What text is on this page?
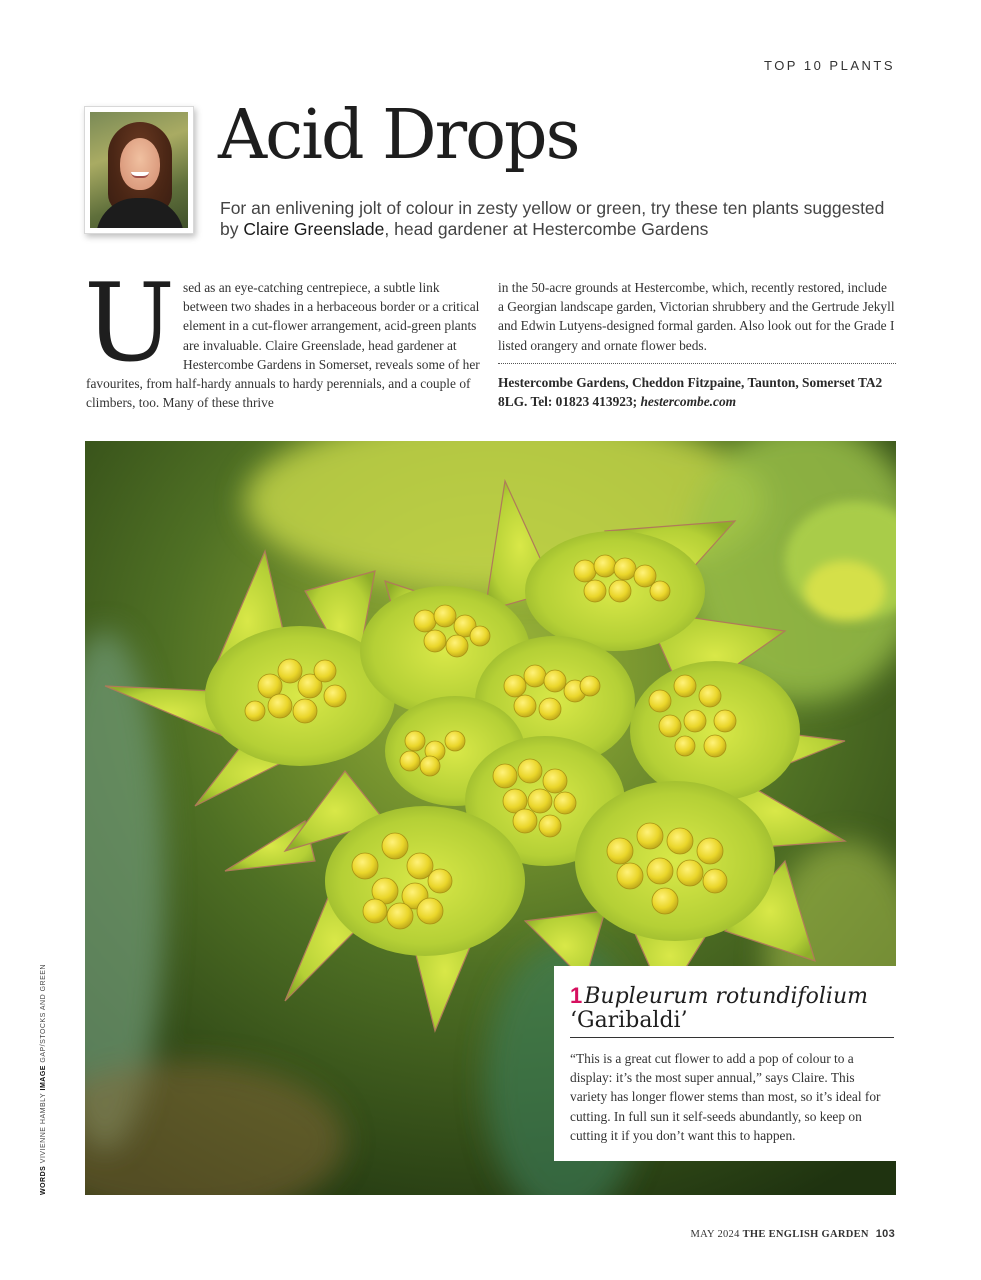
TOP 10 PLANTS
Acid Drops

For an enlivening jolt of colour in zesty yellow or green, try these ten plants suggested by Claire Greenslade, head gardener at Hestercombe Gardens

Used as an eye-catching centrepiece, a subtle link between two shades in a herbaceous border or a critical element in a cut-flower arrangement, acid-green plants are invaluable. Claire Greenslade, head gardener at Hestercombe Gardens in Somerset, reveals some of her favourites, from half-hardy annuals to hardy perennials, and a couple of climbers, too. Many of these thrive

in the 50-acre grounds at Hestercombe, which, recently restored, include a Georgian landscape garden, Victorian shrubbery and the Gertrude Jekyll and Edwin Lutyens-designed formal garden. Also look out for the Grade I listed orangery and ornate flower beds.

Hestercombe Gardens, Cheddon Fitzpaine, Taunton, Somerset TA2 8LG. Tel: 01823 413923; hestercombe.com

1Bupleurum rotundifolium
‘Garibaldi’

“This is a great cut flower to add a pop of colour to a display: it’s the most super annual,” says Claire. This variety has longer flower stems than most, so it’s ideal for cutting. In full sun it self-seeds abundantly, so keep on cutting it if you don’t want this to happen.

WORDS VIVIENNE HAMBLY IMAGE GAP/STOCKS AND GREEN
MAY 2024 THE ENGLISH GARDEN 103
